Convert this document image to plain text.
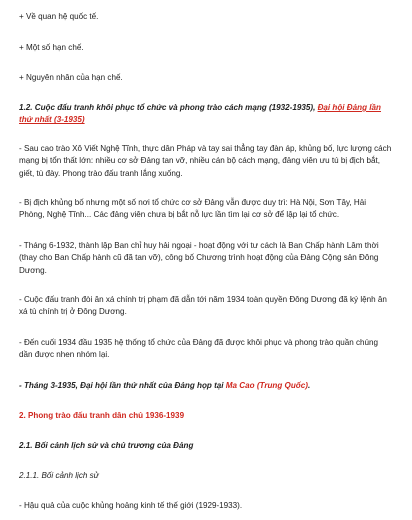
+ Về quan hệ quốc tế.

+ Một số hạn chế.

+ Nguyên nhân của hạn chế.

1.2. Cuộc đấu tranh khôi phục tổ chức và phong trào cách mạng (1932-1935), Đại hội Đảng lần thứ nhất (3-1935)

- Sau cao trào Xô Viết Nghệ Tĩnh, thực dân Pháp và tay sai thẳng tay đàn áp, khủng bố, lực lượng cách mạng bị tổn thất lớn: nhiều cơ sở Đảng tan vỡ, nhiều cán bộ cách mạng, đảng viên ưu tú bị địch bắt, giết, tù đày. Phong trào đấu tranh lắng xuống.

- Bị địch khủng bố nhưng một số nơi tổ chức cơ sở Đảng vẫn được duy trì: Hà Nội, Sơn Tây, Hải Phòng, Nghệ Tĩnh... Các đảng viên chưa bị bắt nỗ lực lần tìm lại cơ sở để lập lại tổ chức.

- Tháng 6-1932, thành lập Ban chỉ huy hải ngoại - hoạt động với tư cách là Ban Chấp hành Lâm thời (thay cho Ban Chấp hành cũ đã tan vỡ), công bố Chương trình hoạt động của Đảng Cộng sản Đông Dương.

- Cuộc đấu tranh đòi ân xá chính trị phạm đã dẫn tới năm 1934 toàn quyền Đông Dương đã ký lệnh ân xá tù chính trị ở Đông Dương.

- Đến cuối 1934 đầu 1935 hệ thống tổ chức của Đảng đã được khôi phục và phong trào quần chúng dần được nhen nhóm lại.

- Tháng 3-1935, Đại hội lần thứ nhất của Đảng họp tại Ma Cao (Trung Quốc).

2. Phong trào đấu tranh dân chủ 1936-1939

2.1. Bối cảnh lịch sử và chủ trương của Đảng

2.1.1. Bối cảnh lịch sử

- Hậu quả của cuộc khủng hoảng kinh tế thế giới (1929-1933).
